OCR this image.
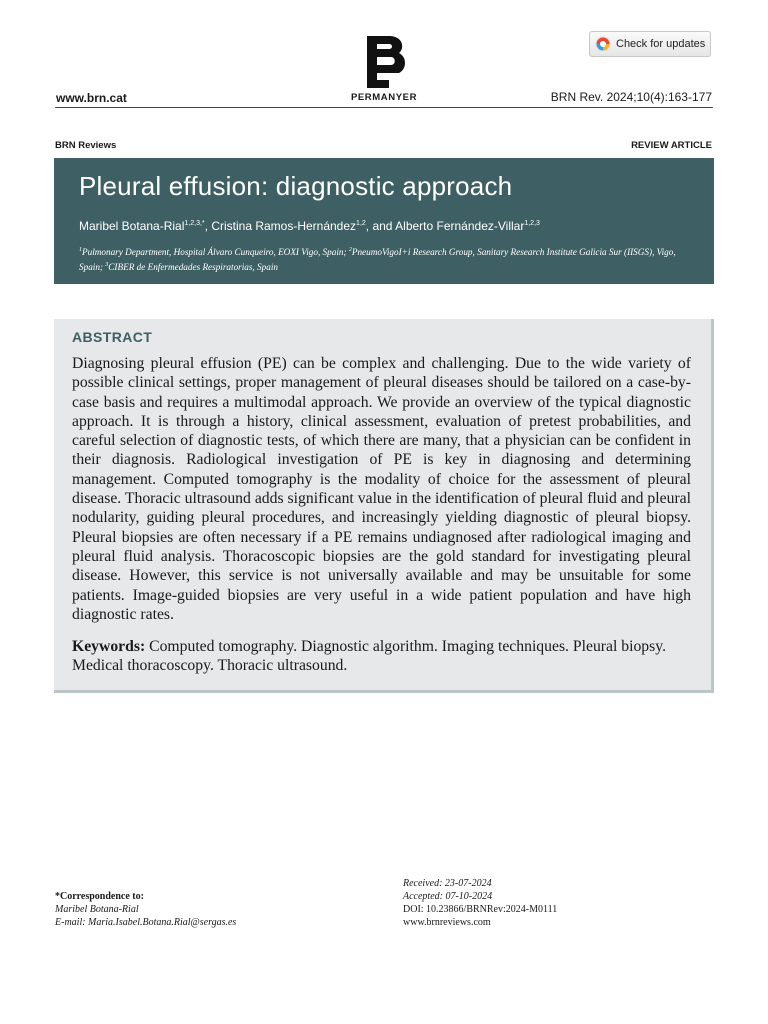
PERMANYER
Check for updates
www.brn.cat	BRN Rev. 2024;10(4):163-177
BRN Reviews	REVIEW ARTICLE
Pleural effusion: diagnostic approach
Maribel Botana-Rial$^{1,2,3,*}$, Cristina Ramos-Hernández$^{1,2}$, and Alberto Fernández-Villar$^{1,2,3}$
$^1$Pulmonary Department, Hospital Álvaro Cunqueiro, EOXI Vigo, Spain; $^2$PneumoVigoI+i Research Group, Sanitary Research Institute Galicia Sur (IISGS), Vigo, Spain; $^3$CIBER de Enfermedades Respiratorias, Spain
ABSTRACT

Diagnosing pleural effusion (PE) can be complex and challenging. Due to the wide variety of possible clinical settings, proper management of pleural diseases should be tailored on a case-by-case basis and requires a multimodal approach. We provide an overview of the typical diagnostic approach. It is through a history, clinical assessment, evaluation of pretest probabilities, and careful selection of diagnostic tests, of which there are many, that a physician can be confident in their diagnosis. Radiological investigation of PE is key in diagnosing and determining management. Computed tomography is the modality of choice for the assessment of pleural disease. Thoracic ultrasound adds significant value in the identification of pleural fluid and pleural nodularity, guiding pleural procedures, and increasingly yielding diagnostic of pleural biopsy. Pleural biopsies are often necessary if a PE remains undiagnosed after radiological imaging and pleural fluid analysis. Thoracoscopic biopsies are the gold standard for investigating pleural disease. However, this service is not universally available and may be unsuitable for some patients. Image-guided biopsies are very useful in a wide patient population and have high diagnostic rates.

Keywords: Computed tomography. Diagnostic algorithm. Imaging techniques. Pleural biopsy. Medical thoracoscopy. Thoracic ultrasound.

*Correspondence to:
Maribel Botana-Rial
E-mail: Maria.Isabel.Botana.Rial@sergas.es
Received: 23-07-2024
Accepted: 07-10-2024
DOI: 10.23866/BRNRev:2024-M0111
www.brnreviews.com
